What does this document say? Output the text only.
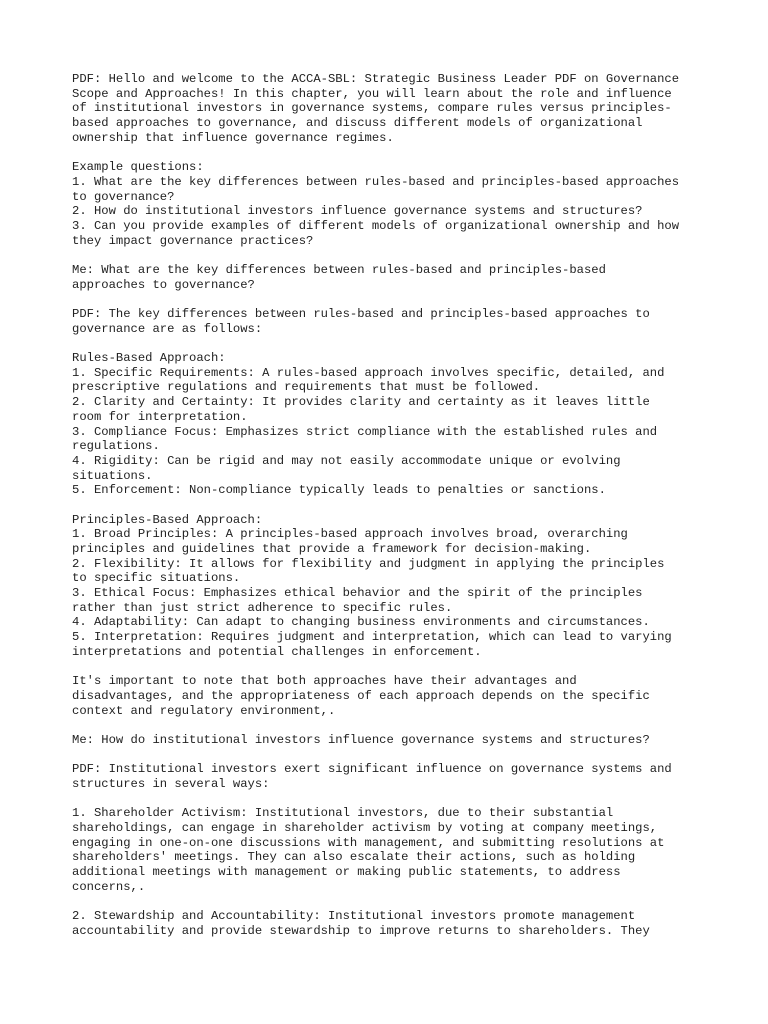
PDF: Hello and welcome to the ACCA-SBL: Strategic Business Leader PDF on Governance
Scope and Approaches! In this chapter, you will learn about the role and influence
of institutional investors in governance systems, compare rules versus principles-
based approaches to governance, and discuss different models of organizational
ownership that influence governance regimes.
Example questions:
1. What are the key differences between rules-based and principles-based approaches
to governance?
2. How do institutional investors influence governance systems and structures?
3. Can you provide examples of different models of organizational ownership and how
they impact governance practices?
Me: What are the key differences between rules-based and principles-based
approaches to governance?
PDF: The key differences between rules-based and principles-based approaches to
governance are as follows:
Rules-Based Approach:
1. Specific Requirements: A rules-based approach involves specific, detailed, and
prescriptive regulations and requirements that must be followed.
2. Clarity and Certainty: It provides clarity and certainty as it leaves little
room for interpretation.
3. Compliance Focus: Emphasizes strict compliance with the established rules and
regulations.
4. Rigidity: Can be rigid and may not easily accommodate unique or evolving
situations.
5. Enforcement: Non-compliance typically leads to penalties or sanctions.
Principles-Based Approach:
1. Broad Principles: A principles-based approach involves broad, overarching
principles and guidelines that provide a framework for decision-making.
2. Flexibility: It allows for flexibility and judgment in applying the principles
to specific situations.
3. Ethical Focus: Emphasizes ethical behavior and the spirit of the principles
rather than just strict adherence to specific rules.
4. Adaptability: Can adapt to changing business environments and circumstances.
5. Interpretation: Requires judgment and interpretation, which can lead to varying
interpretations and potential challenges in enforcement.
It's important to note that both approaches have their advantages and
disadvantages, and the appropriateness of each approach depends on the specific
context and regulatory environment,.
Me: How do institutional investors influence governance systems and structures?
PDF: Institutional investors exert significant influence on governance systems and
structures in several ways:
1. Shareholder Activism: Institutional investors, due to their substantial
shareholdings, can engage in shareholder activism by voting at company meetings,
engaging in one-on-one discussions with management, and submitting resolutions at
shareholders' meetings. They can also escalate their actions, such as holding
additional meetings with management or making public statements, to address
concerns,.
2. Stewardship and Accountability: Institutional investors promote management
accountability and provide stewardship to improve returns to shareholders. They
